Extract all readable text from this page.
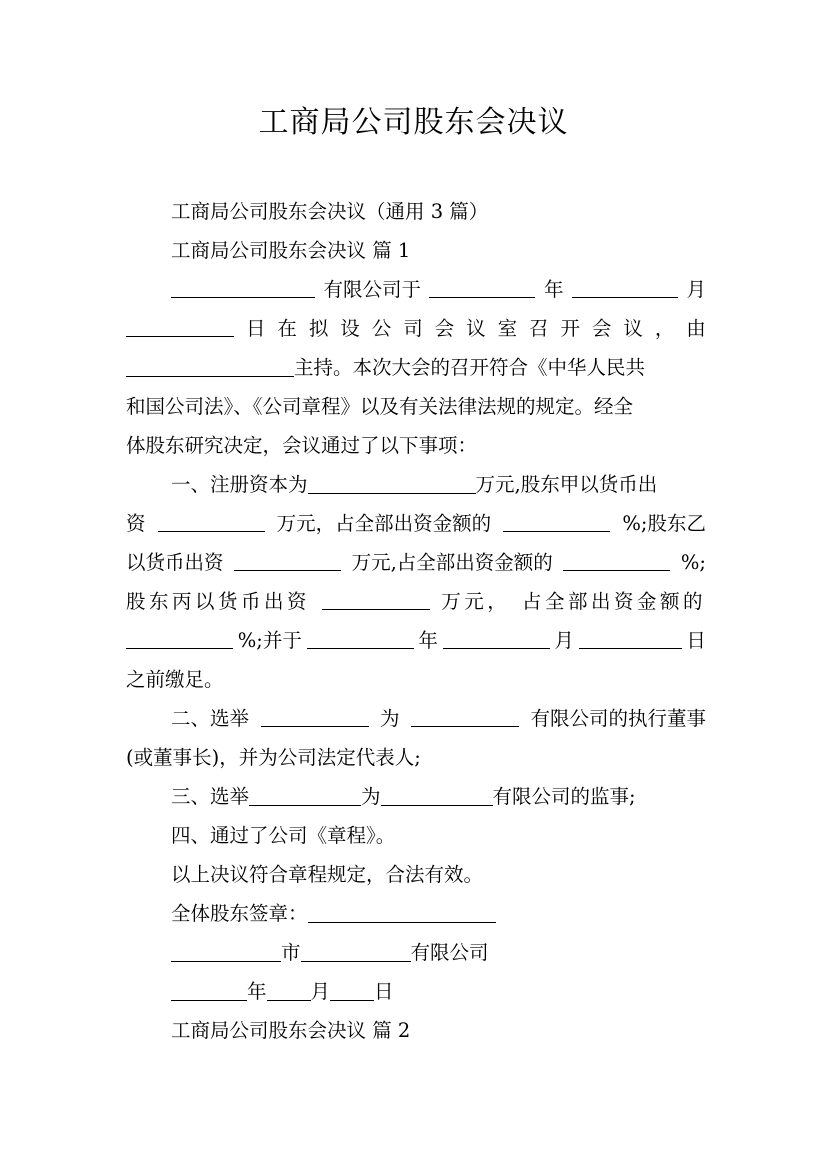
工商局公司股东会决议
工商局公司股东会决议（通用 3 篇）
工商局公司股东会决议 篇 1
有限公司于	年	月
日 在 拟 设 公 司 会 议 室 召 开 会 议 ， 由
主持。本次大会的召开符合《中华人民共
和国公司法》、《公司章程》以及有关法律法规的规定。经全
体股东研究决定，会议通过了以下事项：
一、注册资本为	万元,股东甲以货币出
资	万元，占全部出资金额的	%;股东乙
以货币出资	万元,占全部出资金额的	%;
股东丙以货币出资	万元， 占全部出资金额的
%;并于	年	月	日
之前缴足。
二、选举	为	有限公司的执行董事
(或董事长)，并为公司法定代表人;
三、选举	为	有限公司的监事;
四、通过了公司《章程》。
以上决议符合章程规定，合法有效。
全体股东签章：
市	有限公司
年 月 日
工商局公司股东会决议 篇 2
